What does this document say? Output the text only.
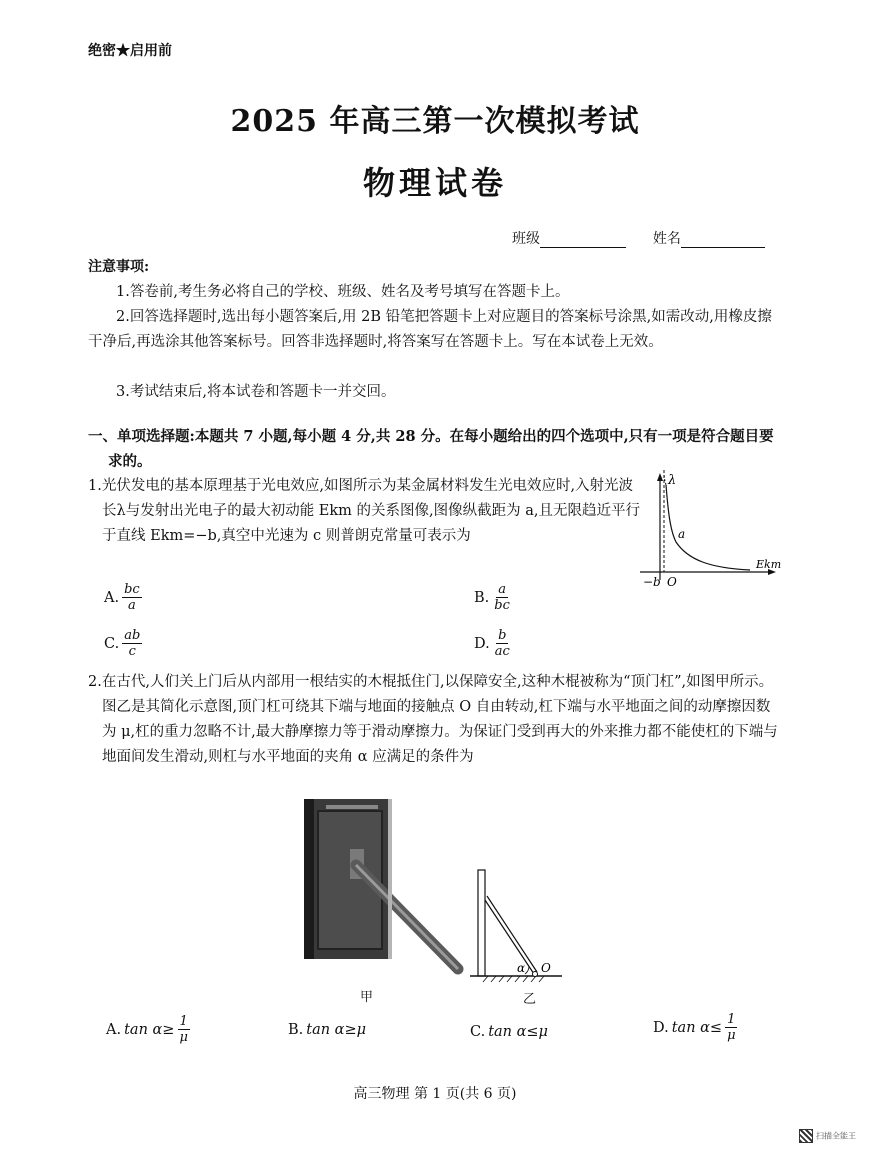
绝密★启用前
2025 年高三第一次模拟考试
物理试卷
班级	姓名
注意事项:
1.答卷前,考生务必将自己的学校、班级、姓名及考号填写在答题卡上。
2.回答选择题时,选出每小题答案后,用 2B 铅笔把答题卡上对应题目的答案标号涂黑,如需改动,用橡皮擦干净后,再选涂其他答案标号。回答非选择题时,将答案写在答题卡上。写在本试卷上无效。
3.考试结束后,将本试卷和答题卡一并交回。
一、单项选择题:本题共 7 小题,每小题 4 分,共 28 分。在每小题给出的四个选项中,只有一项是符合题目要求的。
1.光伏发电的基本原理基于光电效应,如图所示为某金属材料发生光电效应时,入射光波长λ与发射出光电子的最大初动能 Ekm 的关系图像,图像纵截距为 a,且无限趋近平行于直线 Ekm=−b,真空中光速为 c 则普朗克常量可表示为
λ
a
−b O
Ekm
A. $\frac{bc}{a}$	B. $\frac{a}{bc}$
C. $\frac{ab}{c}$	D. $\frac{b}{ac}$
2.在古代,人们关上门后从内部用一根结实的木棍抵住门,以保障安全,这种木棍被称为“顶门杠”,如图甲所示。图乙是其简化示意图,顶门杠可绕其下端与地面的接触点 O 自由转动,杠下端与水平地面之间的动摩擦因数为 μ,杠的重力忽略不计,最大静摩擦力等于滑动摩擦力。为保证门受到再大的外来推力都不能使杠的下端与地面间发生滑动,则杠与水平地面的夹角 α 应满足的条件为
α O
甲	乙
A. $\tan \alpha\ge \frac{1}{\mu}$	B. tan α≥μ	C. tan α≤μ	D. $\tan \alpha\le \frac{1}{\mu}$
高三物理 第 1 页(共 6 页)
扫描全能王
